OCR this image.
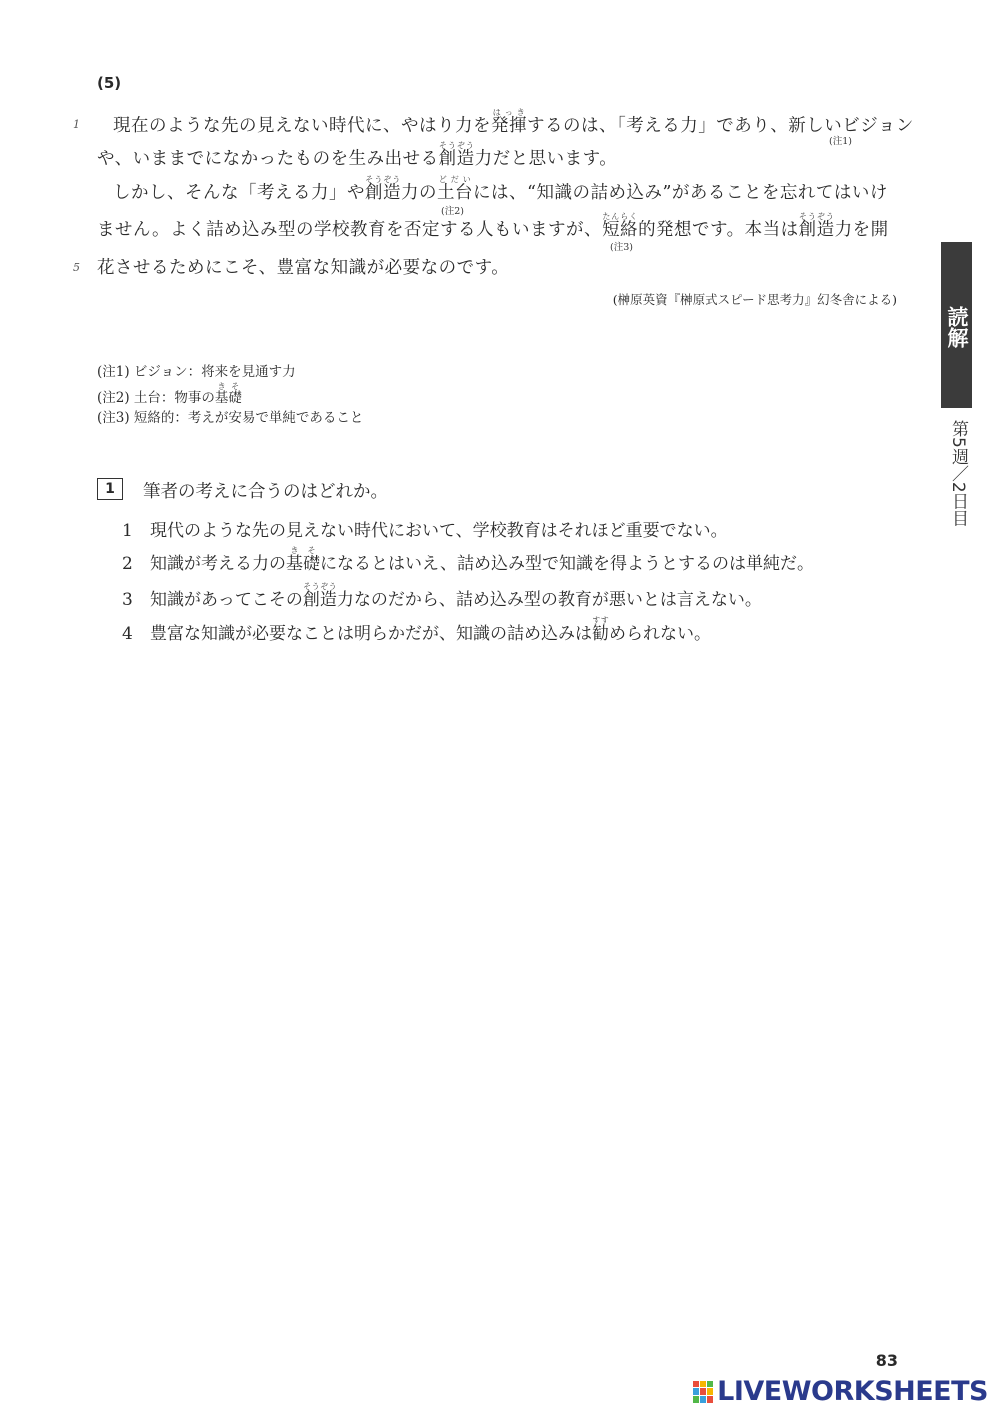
(5)
1 現在のような先の見えない時代に、やはり力を発揮はっきするのは、「考える力」であり、新しいビジョン
(注1)
や、いままでになかったものを生み出せる創造そうぞう力だと思います。
しかし、そんな「考える力」や創造そうぞう力の土台どだいには、“知識の詰め込み”があることを忘れてはいけ
(注2)
ません。よく詰め込み型の学校教育を否定する人もいますが、短絡たんらく的発想です。本当は創造そうぞう力を開
(注3)
5 花させるためにこそ、豊富な知識が必要なのです。
(榊原英資『榊原式スピード思考力』幻冬舎による)
(注1) ビジョン：将来を見通す力
(注2) 土台：物事の基礎きそ
(注3) 短絡的：考えが安易で単純であること
1	筆者の考えに合うのはどれか。
1 現代のような先の見えない時代において、学校教育はそれほど重要でない。
2 知識が考える力の基礎きそになるとはいえ、詰め込み型で知識を得ようとするのは単純だ。
3 知識があってこその創造そうぞう力なのだから、詰め込み型の教育が悪いとは言えない。
4 豊富な知識が必要なことは明らかだが、知識の詰め込みは勧すすめられない。
読解
第5週／2日目
83
LIVEWORKSHEETS
